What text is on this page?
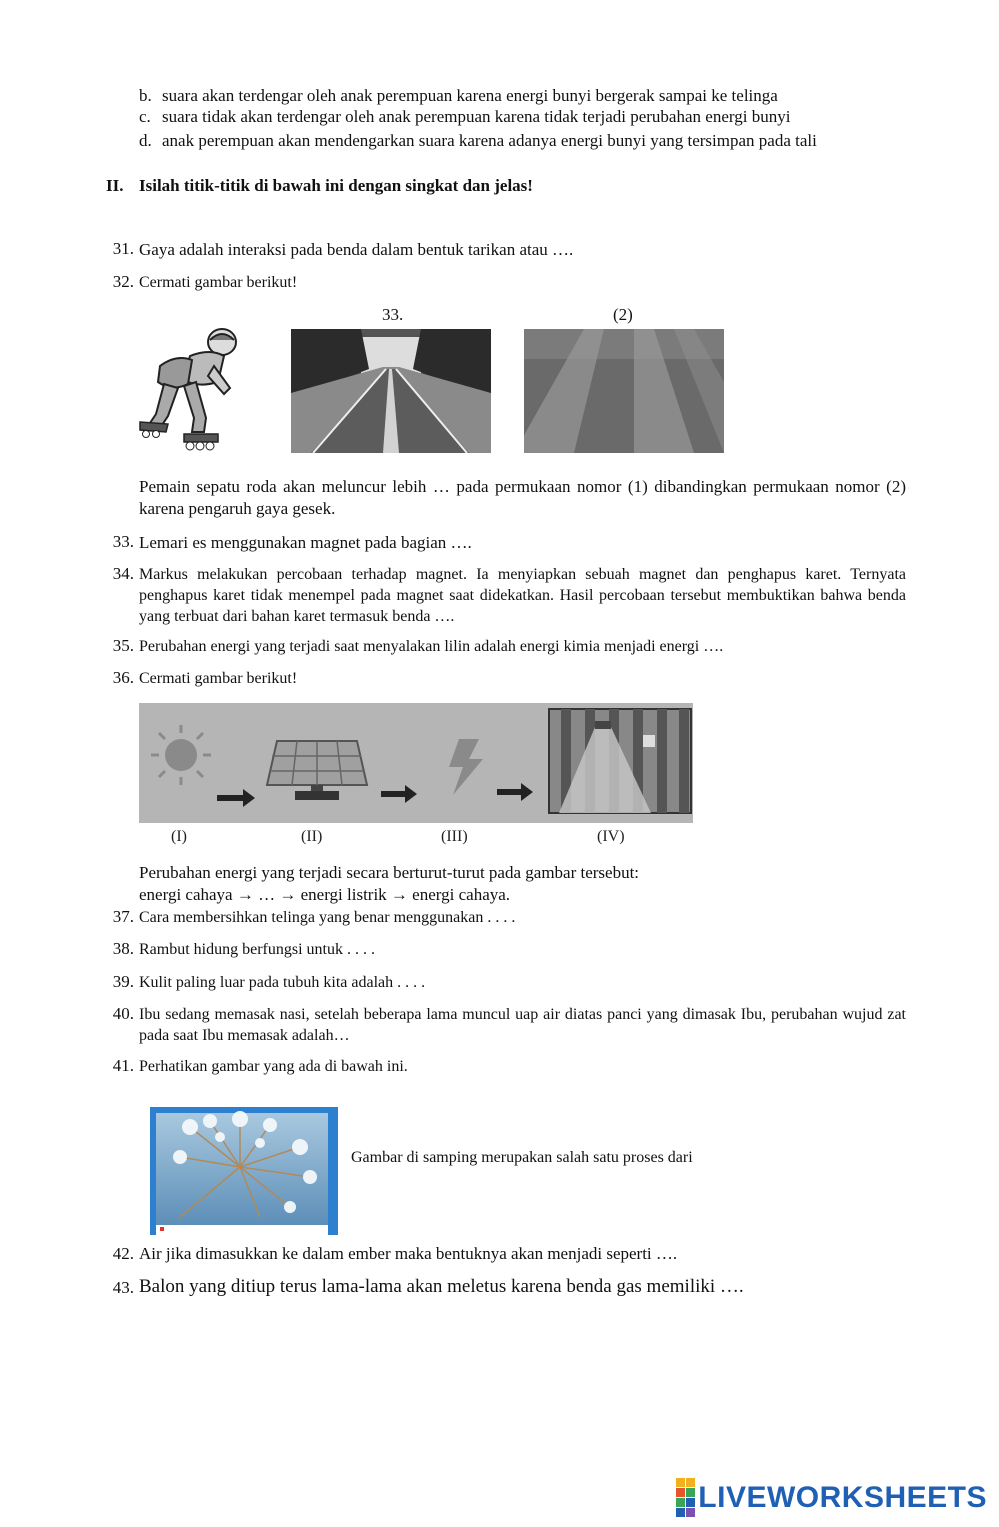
b. suara akan terdengar oleh anak perempuan karena energi bunyi bergerak sampai ke telinga
c. suara tidak akan terdengar oleh anak perempuan karena tidak terjadi perubahan energi bunyi
d. anak perempuan akan mendengarkan suara karena adanya energi bunyi yang tersimpan pada tali
II. Isilah titik-titik di bawah ini dengan singkat dan jelas!
31. Gaya adalah interaksi pada benda dalam bentuk tarikan atau ….
32. Cermati gambar berikut!
33.	(2)
Pemain sepatu roda akan meluncur lebih … pada permukaan nomor (1) dibandingkan permukaan nomor (2) karena pengaruh gaya gesek.
33. Lemari es menggunakan magnet pada bagian ….
34. Markus melakukan percobaan terhadap magnet. Ia menyiapkan sebuah magnet dan penghapus karet. Ternyata penghapus karet tidak menempel pada magnet saat didekatkan. Hasil percobaan tersebut membuktikan bahwa benda yang terbuat dari bahan karet termasuk benda ….
35. Perubahan energi yang terjadi saat menyalakan lilin adalah energi kimia menjadi energi ….
36. Cermati gambar berikut!
(I)	(II)	(III)	(IV)
Perubahan energi yang terjadi secara berturut-turut pada gambar tersebut:
energi cahaya → … → energi listrik → energi cahaya.
37. Cara membersihkan telinga yang benar menggunakan . . . .
38. Rambut hidung berfungsi untuk . . . .
39. Kulit paling luar pada tubuh kita adalah . . . .
40. Ibu sedang memasak nasi, setelah beberapa lama muncul uap air diatas panci yang dimasak Ibu, perubahan wujud zat pada saat Ibu memasak adalah…
41. Perhatikan gambar yang ada di bawah ini.
Gambar di samping merupakan salah satu proses dari
42. Air jika dimasukkan ke dalam ember maka bentuknya akan menjadi seperti ….
43. Balon yang ditiup terus lama-lama akan meletus karena benda gas memiliki ….
LIVEWORKSHEETS
